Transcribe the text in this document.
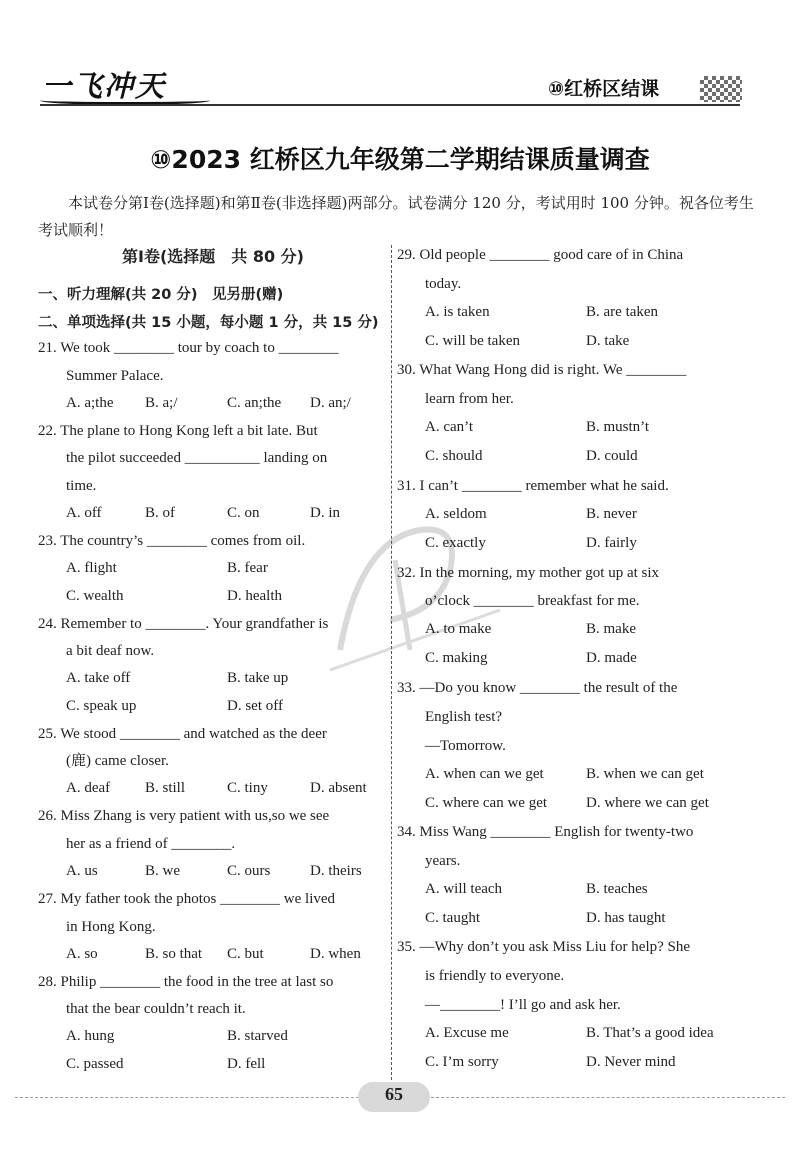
一飞冲天	⑩红桥区结课
⑩2023 红桥区九年级第二学期结课质量调查
本试卷分第Ⅰ卷(选择题)和第Ⅱ卷(非选择题)两部分。试卷满分 120 分，考试用时 100 分钟。祝各位考生考试顺利！
第Ⅰ卷(选择题　共 80 分)
一、听力理解(共 20 分)　见另册(赠)
二、单项选择(共 15 小题，每小题 1 分，共 15 分)
21. We took ________ tour by coach to ________
Summer Palace.
A. a;the B. a;/	C. an;the D. an;/
22. The plane to Hong Kong left a bit late. But
the pilot succeeded __________ landing on
time.
A. off	B. of	C. on	D. in
23. The country’s ________ comes from oil.
A. flight	B. fear
C. wealth	D. health
24. Remember to ________. Your grandfather is
a bit deaf now.
A. take off	B. take up
C. speak up	D. set off
25. We stood ________ and watched as the deer
(鹿) came closer.
A. deaf B. still	C. tiny	D. absent
26. Miss Zhang is very patient with us,so we see
her as a friend of ________.
A. us	B. we	C. ours	D. theirs
27. My father took the photos ________ we lived
in Hong Kong.
A. so	B. so that C. but	D. when
28. Philip ________ the food in the tree at last so
that the bear couldn’t reach it.
A. hung	B. starved
C. passed	D. fell
29. Old people ________ good care of in China
today.
A. is taken	B. are taken
C. will be taken	D. take
30. What Wang Hong did is right. We ________
learn from her.
A. can’t	B. mustn’t
C. should	D. could
31. I can’t ________ remember what he said.
A. seldom	B. never
C. exactly	D. fairly
32. In the morning, my mother got up at six
o’clock ________ breakfast for me.
A. to make	B. make
C. making	D. made
33. —Do you know ________ the result of the
English test?
—Tomorrow.
A. when can we get	B. when we can get
C. where can we get	D. where we can get
34. Miss Wang ________ English for twenty-two
years.
A. will teach	B. teaches
C. taught	D. has taught
35. —Why don’t you ask Miss Liu for help? She
is friendly to everyone.
—________! I’ll go and ask her.
A. Excuse me	B. That’s a good idea
C. I’m sorry	D. Never mind
65
